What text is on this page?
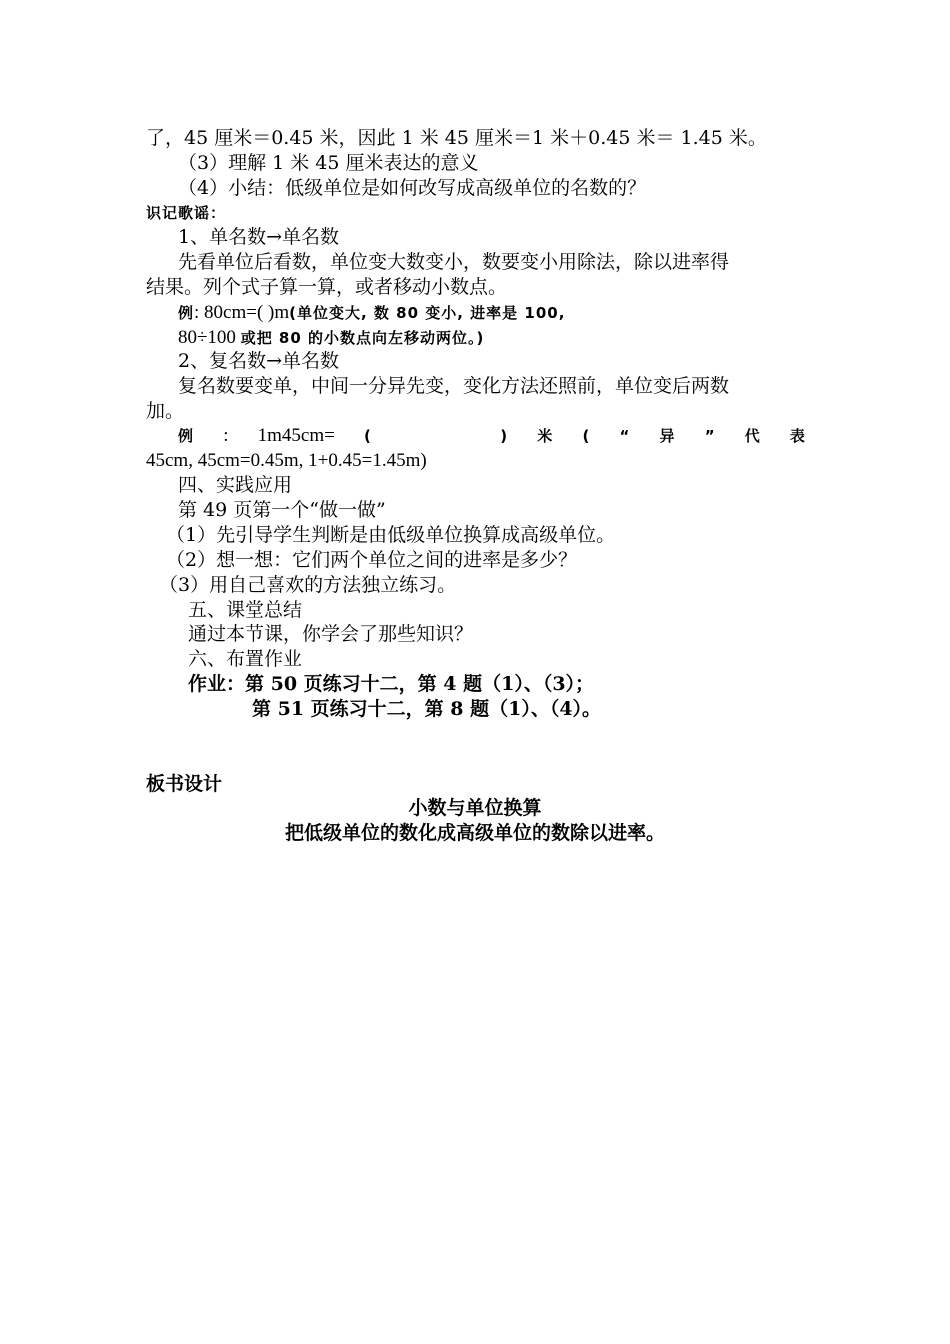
了，45 厘米＝0.45 米，因此 1 米 45 厘米＝1 米＋0.45 米＝ 1.45 米。
（3）理解 1 米 45 厘米表达的意义
（4）小结：低级单位是如何改写成高级单位的名数的？
识记歌谣：
1、单名数→单名数
先看单位后看数，单位变大数变小，数要变小用除法，除以进率得
结果。列个式子算一算，或者移动小数点。
例: 80cm=( )m(单位变大, 数 80 变小, 进率是 100,
80÷100 或把 80 的小数点向左移动两位。)
2、复名数→单名数
复名数要变单，中间一分异先变，变化方法还照前，单位变后两数
加。
例 : 1m45cm= (	) 米 ( “ 异 ” 代 表
45cm, 45cm=0.45m, 1+0.45=1.45m)
四、实践应用
第 49 页第一个“做一做”
（1）先引导学生判断是由低级单位换算成高级单位。
（2）想一想：它们两个单位之间的进率是多少？
（3）用自己喜欢的方法独立练习。
五、课堂总结
通过本节课，你学会了那些知识？
六、布置作业
作业：第 50 页练习十二，第 4 题（1）、（3）；
第 51 页练习十二，第 8 题（1）、（4）。
板书设计
小数与单位换算
把低级单位的数化成高级单位的数除以进率。
